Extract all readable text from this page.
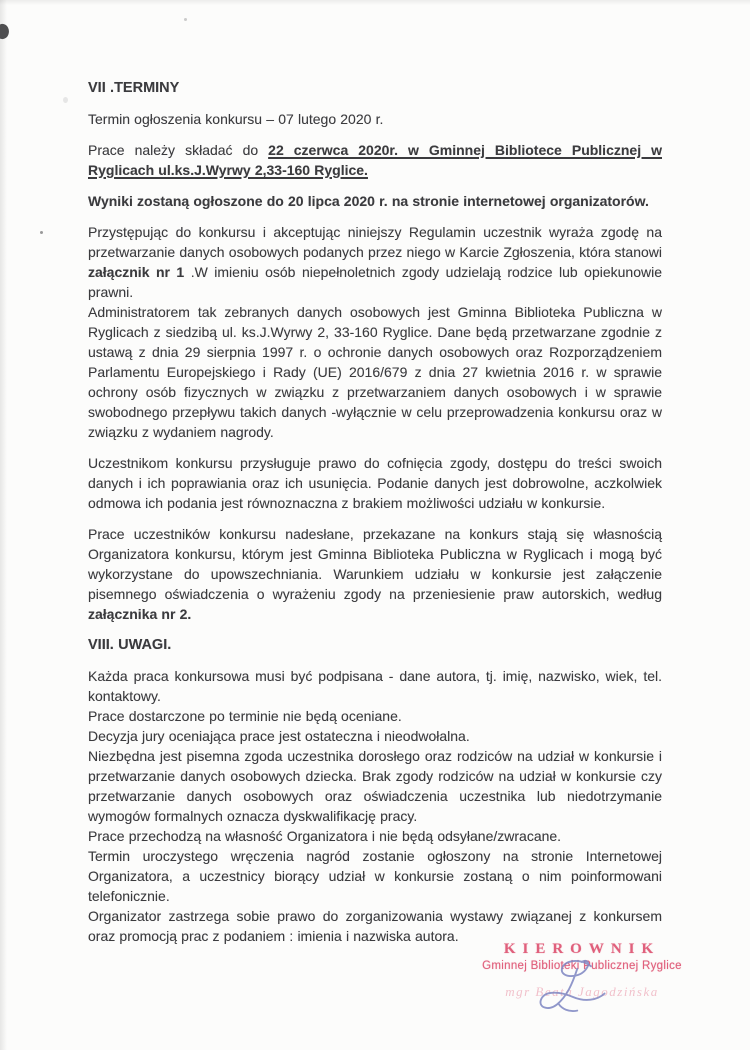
VII .TERMINY

Termin ogłoszenia konkursu – 07 lutego 2020 r.

Prace należy składać do 22 czerwca 2020r. w Gminnej Bibliotece Publicznej w Ryglicach ul.ks.J.Wyrwy 2,33-160 Ryglice.

Wyniki zostaną ogłoszone do 20 lipca 2020 r. na stronie internetowej organizatorów.

Przystępując do konkursu i akceptując niniejszy Regulamin uczestnik wyraża zgodę na przetwarzanie danych osobowych podanych przez niego w Karcie Zgłoszenia, która stanowi załącznik nr 1 .W imieniu osób niepełnoletnich zgody udzielają rodzice lub opiekunowie prawni.

Administratorem tak zebranych danych osobowych jest Gminna Biblioteka Publiczna w Ryglicach z siedzibą ul. ks.J.Wyrwy 2, 33-160 Ryglice. Dane będą przetwarzane zgodnie z ustawą z dnia 29 sierpnia 1997 r. o ochronie danych osobowych oraz Rozporządzeniem Parlamentu Europejskiego i Rady (UE) 2016/679 z dnia 27 kwietnia 2016 r. w sprawie ochrony osób fizycznych w związku z przetwarzaniem danych osobowych i w sprawie swobodnego przepływu takich danych -wyłącznie w celu przeprowadzenia konkursu oraz w związku z wydaniem nagrody.

Uczestnikom konkursu przysługuje prawo do cofnięcia zgody, dostępu do treści swoich danych i ich poprawiania oraz ich usunięcia. Podanie danych jest dobrowolne, aczkolwiek odmowa ich podania jest równoznaczna z brakiem możliwości udziału w konkursie.

Prace uczestników konkursu nadesłane, przekazane na konkurs stają się własnością Organizatora konkursu, którym jest Gminna Biblioteka Publiczna w Ryglicach i mogą być wykorzystane do upowszechniania. Warunkiem udziału w konkursie jest załączenie pisemnego oświadczenia o wyrażeniu zgody na przeniesienie praw autorskich, według załącznika nr 2.

VIII. UWAGI.

Każda praca konkursowa musi być podpisana - dane autora, tj. imię, nazwisko, wiek, tel. kontaktowy.

Prace dostarczone po terminie nie będą oceniane.

Decyzja jury oceniająca prace jest ostateczna i nieodwołalna.

Niezbędna jest pisemna zgoda uczestnika dorosłego oraz rodziców na udział w konkursie i przetwarzanie danych osobowych dziecka. Brak zgody rodziców na udział w konkursie czy przetwarzanie danych osobowych oraz oświadczenia uczestnika lub niedotrzymanie wymogów formalnych oznacza dyskwalifikację pracy.

Prace przechodzą na własność Organizatora i nie będą odsyłane/zwracane.

Termin uroczystego wręczenia nagród zostanie ogłoszony na stronie Internetowej Organizatora, a uczestnicy biorący udział w konkursie zostaną o nim poinformowani telefonicznie.

Organizator zastrzega sobie prawo do zorganizowania wystawy związanej z konkursem oraz promocją prac z podaniem : imienia i nazwiska autora.

KIEROWNIK
Gminnej Biblioteki Publicznej Ryglice
mgr Beata Jagodzińska
